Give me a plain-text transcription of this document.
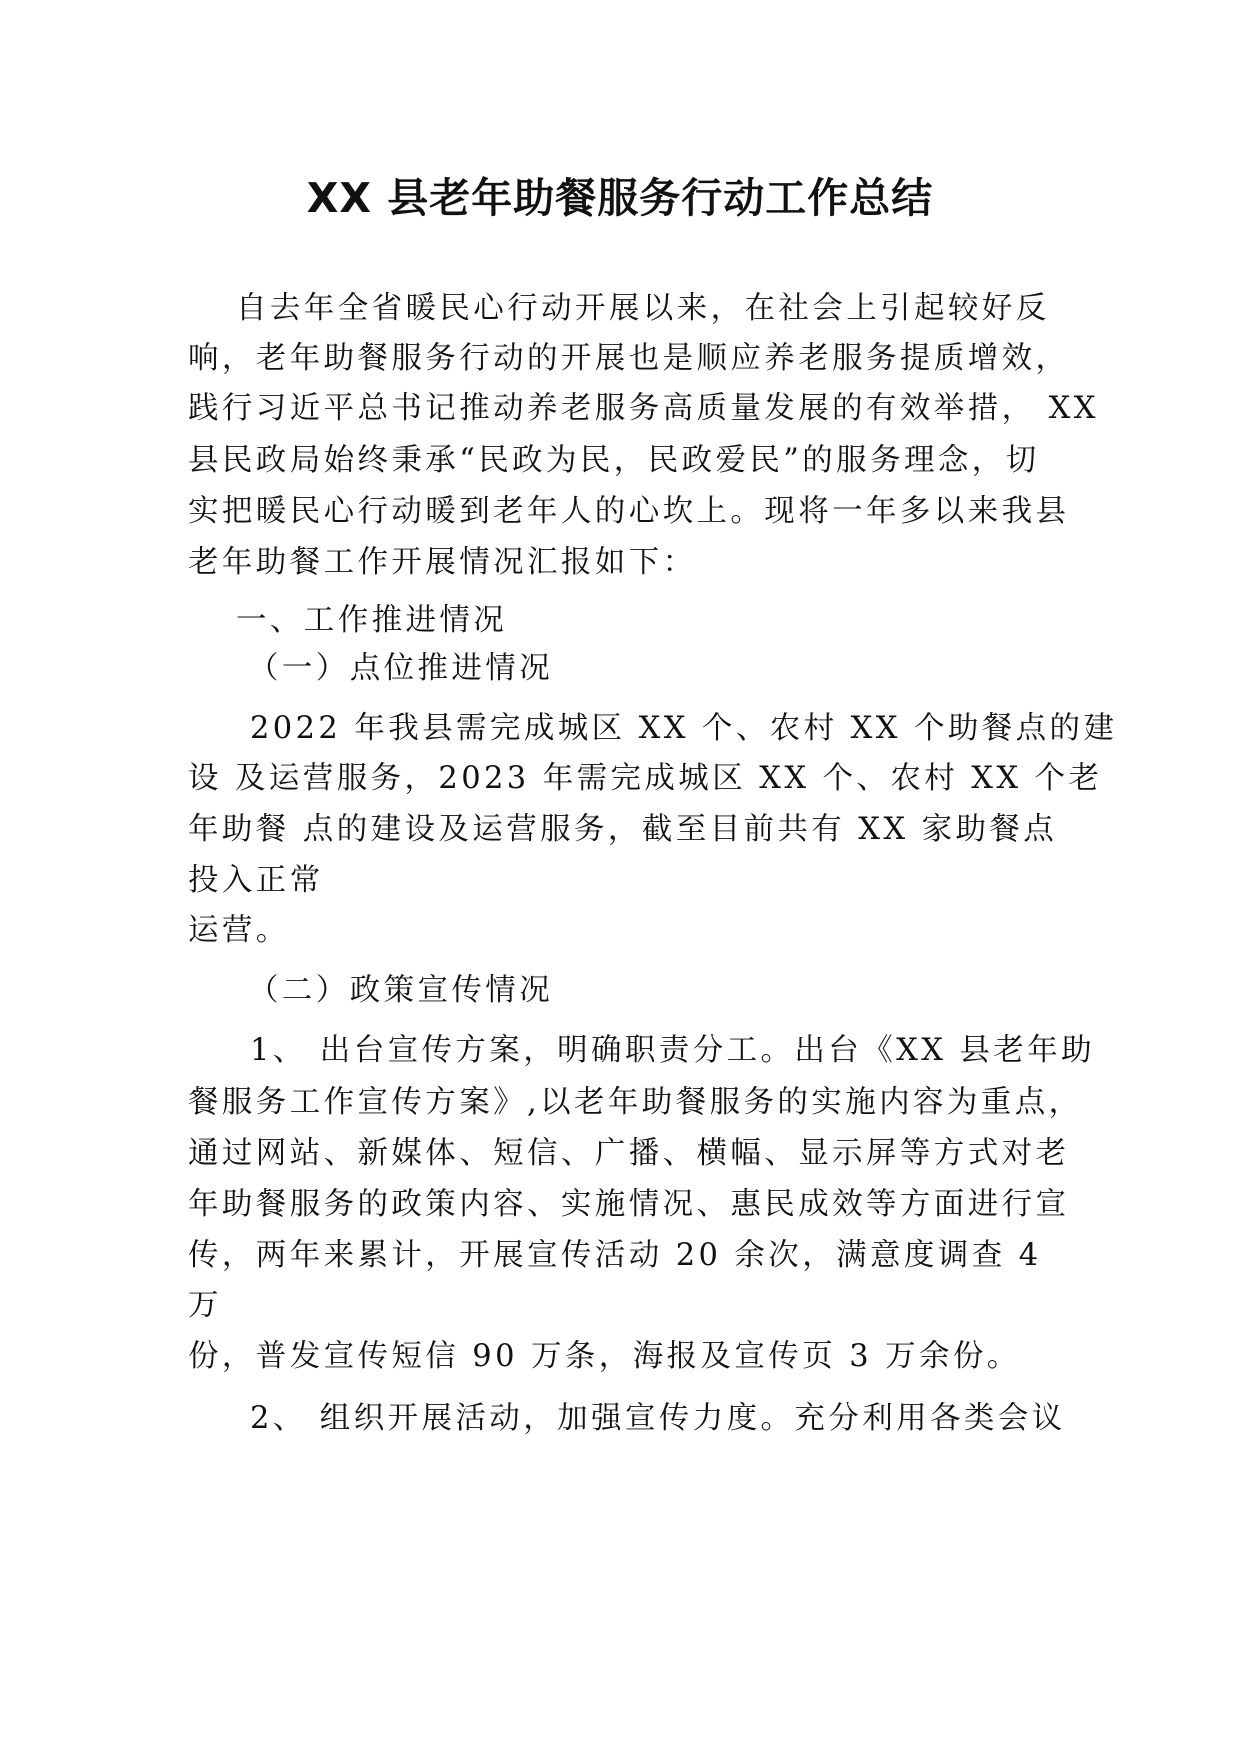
XX 县老年助餐服务行动工作总结

自去年全省暖民心行动开展以来，在社会上引起较好反

响，老年助餐服务行动的开展也是顺应养老服务提质增效，

践行习近平总书记推动养老服务高质量发展的有效举措， XX

县民政局始终秉承“民政为民，民政爱民”的服务理念，切

实把暖民心行动暖到老年人的心坎上。现将一年多以来我县

老年助餐工作开展情况汇报如下：

一、工作推进情况

（一）点位推进情况

2022 年我县需完成城区 XX 个、农村 XX 个助餐点的建

设 及运营服务，2023 年需完成城区 XX 个、农村 XX 个老

年助餐 点的建设及运营服务，截至目前共有 XX 家助餐点

投入正常

运营。

（二）政策宣传情况

1、 出台宣传方案，明确职责分工。出台《XX 县老年助

餐服务工作宣传方案》,以老年助餐服务的实施内容为重点，

通过网站、新媒体、短信、广播、横幅、显示屏等方式对老

年助餐服务的政策内容、实施情况、惠民成效等方面进行宣

传，两年来累计，开展宣传活动 20 余次，满意度调查 4

万

份，普发宣传短信 90 万条，海报及宣传页 3 万余份。

2、 组织开展活动，加强宣传力度。充分利用各类会议
